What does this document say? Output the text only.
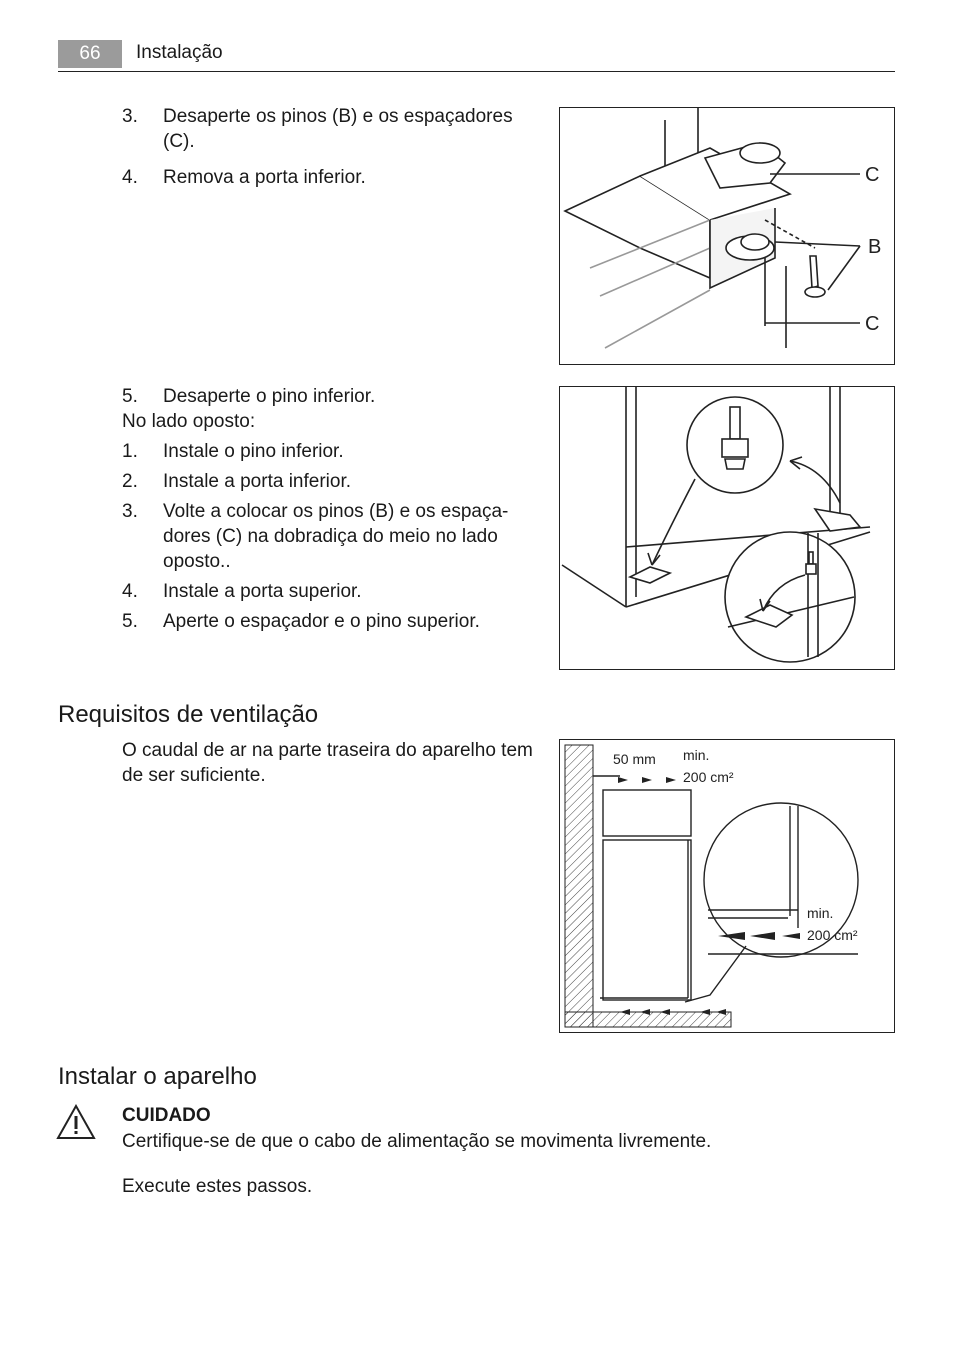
66	Instalação
3. Desaperte os pinos (B) e os espaçadores (C).
4. Remova a porta inferior.	C
B
C
5. Desaperte o pino inferior.
No lado oposto:
1. Instale o pino inferior.
2. Instale a porta inferior.
3. Volte a colocar os pinos (B) e os espaça-dores (C) na dobradiça do meio no lado oposto..
4. Instale a porta superior.
5. Aperte o espaçador e o pino superior.
Requisitos de ventilação
O caudal de ar na parte traseira do aparelho tem de ser suficiente.
50 mm min.
200 cm²
min.
200 cm²
Instalar o aparelho
CUIDADO
Certifique-se de que o cabo de alimentação se movimenta livremente.
Execute estes passos.
